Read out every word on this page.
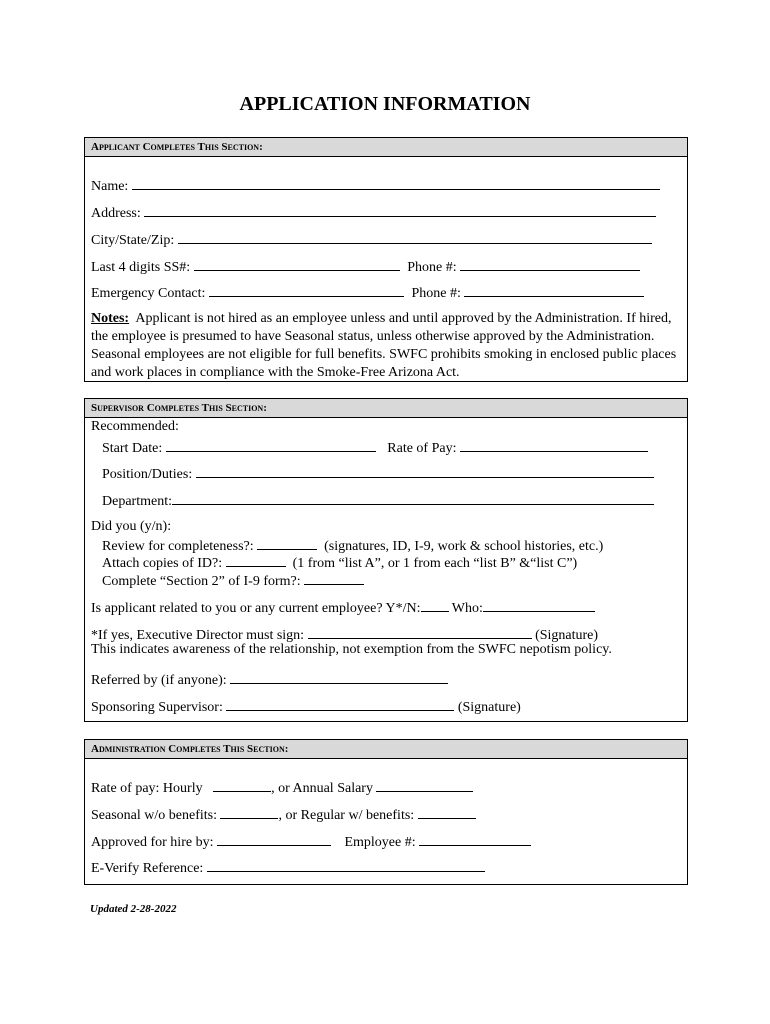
APPLICATION INFORMATION
Applicant Completes This Section:
Name:
Address:
City/State/Zip:
Last 4 digits SS#:	Phone #:
Emergency Contact:	Phone #:
Notes: Applicant is not hired as an employee unless and until approved by the Administration. If hired, the employee is presumed to have Seasonal status, unless otherwise approved by the Administration. Seasonal employees are not eligible for full benefits. SWFC prohibits smoking in enclosed public places and work places in compliance with the Smoke-Free Arizona Act.
Supervisor Completes This Section:
Recommended:
Start Date:	Rate of Pay:
Position/Duties:
Department:
Did you (y/n):
Review for completeness?:	(signatures, ID, I-9, work & school histories, etc.)
Attach copies of ID?:	(1 from “list A”, or 1 from each “list B” &“list C”)
Complete “Section 2” of I-9 form?:
Is applicant related to you or any current employee? Y*/N: Who:
*If yes, Executive Director must sign:	(Signature)
This indicates awareness of the relationship, not exemption from the SWFC nepotism policy.
Referred by (if anyone):
Sponsoring Supervisor:	(Signature)
Administration Completes This Section:
Rate of pay: Hourly	, or Annual Salary
Seasonal w/o benefits:	, or Regular w/ benefits:
Approved for hire by:	Employee #:
E-Verify Reference:
Updated 2-28-2022
